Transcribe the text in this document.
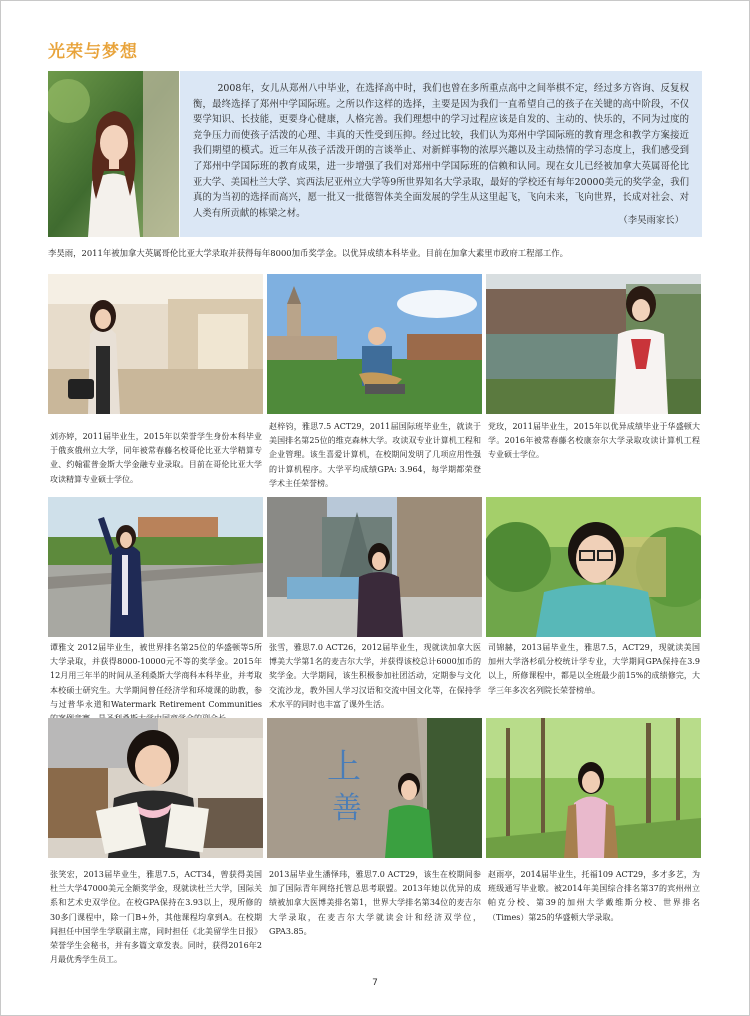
光荣与梦想
2008年，女儿从郑州八中毕业，在选择高中时，我们也曾在多所重点高中之间举棋不定，经过多方咨询、反复权衡，最终选择了郑州中学国际班。之所以作这样的选择，主要是因为我们一直希望自己的孩子在关键的高中阶段，不仅要学知识、长技能，更要身心健康，人格完善。我们理想中的学习过程应该是自发的、主动的、快乐的，不同为过度的竞争压力而使孩子活泼的心理、丰真的天性受到压抑。经过比较，我们认为郑州中学国际班的教育理念和教学方案接近我们期望的模式。近三年从孩子活泼开朗的言谈举止、对新鲜事物的浓厚兴趣以及主动热情的学习态度上，我们感受到了郑州中学国际班的教育成果，进一步增强了我们对郑州中学国际班的信赖和认同。现在女儿已经被加拿大英属哥伦比亚大学、美国杜兰大学、宾西法尼亚州立大学等9所世界知名大学录取，最好的学校还有每年20000美元的奖学金，我们真的为当初的选择而高兴，愿一批又一批德智体美全面发展的学生从这里起飞，飞向未来，飞向世界，长成对社会、对人类有所贡献的栋梁之材。
（李昊雨家长）
李昊雨，2011年被加拿大英属哥伦比亚大学录取并获得每年8000加币奖学金。以优异成绩本科毕业。目前在加拿大素里市政府工程部工作。
刘亦婷，2011届毕业生，2015年以荣誉学生身份本科毕业于俄亥俄州立大学，同年被常春藤名校哥伦比亚大学精算专业、约翰霍普金斯大学金融专业录取。目前在哥伦比亚大学攻读精算专业硕士学位。
赵梓钧，雅思7.5 ACT29，2011届国际班毕业生，就读于美国排名第25位的维克森林大学。攻读双专业计算机工程和企业管理。该生喜爱计算机，在校期间发明了几项应用性强的计算机程序。大学平均成绩GPA: 3.964，每学期都荣登学术主任荣誉榜。
党玫，2011届毕业生，2015年以优异成绩毕业于华盛顿大学。2016年被常春藤名校康奈尔大学录取攻读计算机工程专业硕士学位。
谭雅文 2012届毕业生，被世界排名第25位的华盛顿等5所大学录取，并获得8000-10000元不等的奖学金。2015年12月用三年半的时间从圣利桑斯大学商科本科毕业，并考取本校硕士研究生。大学期间曾任经济学和环境课的助教，参与过普华永道和Watermark Retirement Communities
张雪，雅思7.0 ACT26，2012届毕业生，现就读加拿大医博美大学第1名的麦吉尔大学，并获得该校总计6000加币的奖学金。大学期间，该生积极参加社团活动，定期参与文化交流沙龙，教外国人学习汉语和交流中国文化等，在保持学术水平的同时也丰富了课外生活。
司锦赫，2013届毕业生，雅思7.5，ACT29，现就读美国加州大学洛杉矶分校统计学专业，大学期间GPA保持在3.9以上，所修课程中，都是以全班最少前15%的成绩修完，大学三年多次名列院长荣誉榜单。
上
善
张笑宏，2013届毕业生，雅思7.5，ACT34，曾获得美国杜兰大学47000美元全额奖学金，现就读杜兰大学，国际关系和艺术史双学位。在校GPA保持在3.93以上，现所修的30多门课程中，除一门B+外，其他课程均拿到A。在校期间担任中国学生学联副主席，同时担任《北美留学生日报》荣誉学生会秘书，并有多篇文章发表。同时，获得2016年2月最优秀学生员工。
2013届毕业生潘怿玮，雅思7.0 ACT29，该生在校期间参加了国际青年网络托管总思考联盟。2013年她以优异的成绩被加拿大医博美排名第1，世界大学排名第34位的麦吉尔大学录取，在麦吉尔大学就读会计和经济双学位，GPA3.85。
赵雨亭，2014届毕业生，托福109 ACT29，多才多艺，为班级通写毕业歌。被2014年美国综合排名第37的宾州州立帕克分校、第39的加州大学戴维斯分校、世界排名（Times）第25的华盛顿大学录取。
7
